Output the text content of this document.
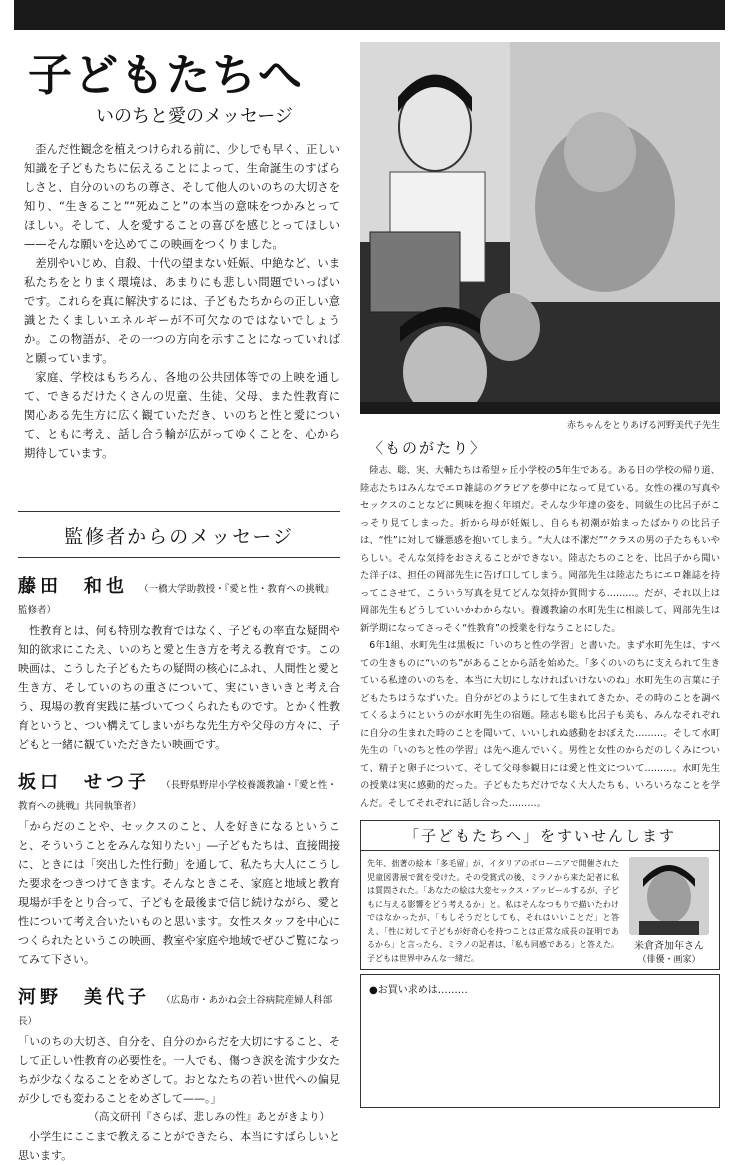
子どもたちへ
いのちと愛のメッセージ

歪んだ性観念を植えつけられる前に、少しでも早く、正しい知識を子どもたちに伝えることによって、生命誕生のすばらしさと、自分のいのちの尊さ、そして他人のいのちの大切さを知り、“生きること”“死ぬこと”の本当の意味をつかみとってほしい。そして、人を愛することの喜びを感じとってほしい——そんな願いを込めてこの映画をつくりました。

差別やいじめ、自殺、十代の望まない妊娠、中絶など、いま私たちをとりまく環境は、あまりにも悲しい問題でいっぱいです。これらを真に解決するには、子どもたちからの正しい意識とたくましいエネルギーが不可欠なのではないでしょうか。この物語が、その一つの方向を示すことになっていればと願っています。

家庭、学校はもちろん、各地の公共団体等での上映を通して、できるだけたくさんの児童、生徒、父母、また性教育に関心ある先生方に広く観ていただき、いのちと性と愛について、ともに考え、話し合う輪が広がってゆくことを、心から期待しています。

監修者からのメッセージ
藤田　和也 （一橋大学助教授・『愛と性・教育への挑戦』監修者）

性教育とは、何も特別な教育ではなく、子どもの率直な疑問や知的欲求にこたえ、いのちと愛と生き方を考える教育です。この映画は、こうした子どもたちの疑問の核心にふれ、人間性と愛と生き方、そしていのちの重さについて、実にいきいきと考え合う、現場の教育実践に基づいてつくられたものです。とかく性教育というと、つい構えてしまいがちな先生方や父母の方々に、子どもと一緒に観ていただきたい映画です。

坂口　せつ子 （長野県野岸小学校養護教諭・『愛と性・教育への挑戦』共同執筆者）

「からだのことや、セックスのこと、人を好きになるということ、そういうことをみんな知りたい」―子どもたちは、直接間接に、ときには「突出した性行動」を通して、私たち大人にこうした要求をつきつけてきます。そんなときこそ、家庭と地域と教育現場が手をとり合って、子どもを最後まで信じ続けながら、愛と性について考え合いたいものと思います。女性スタッフを中心につくられたというこの映画、教室や家庭や地域でぜひご覧になってみて下さい。

河野　美代子 （広島市・あかね会土谷病院産婦人科部長）

「いのちの大切さ、自分を、自分のからだを大切にすること、そして正しい性教育の必要性を。一人でも、傷つき涙を流す少女たちが少なくなることをめざして。おとなたちの若い世代への偏見が少しでも変わることをめざして——。」

（高文研刊『さらば、悲しみの性』あとがきより）

小学生にここまで教えることができたら、本当にすばらしいと思います。

赤ちゃんをとりあげる河野美代子先生
〈ものがたり〉

陸志、聡、実、大輔たちは希望ヶ丘小学校の5年生である。ある日の学校の帰り道、陸志たちはみんなでエロ雑誌のグラビアを夢中になって見ている。女性の裸の写真やセックスのことなどに興味を抱く年頃だ。そんな少年達の姿を、同級生の比呂子がこっそり見てしまった。折から母が妊娠し、自らも初潮が始まったばかりの比呂子は、“性”に対して嫌悪感を抱いてしまう。“大人は不潔だ”“クラスの男の子たちもいやらしい。そんな気持をおさえることができない。陸志たちのことを、比呂子から聞いた洋子は、担任の岡部先生に告げ口してしまう。岡部先生は陸志たちにエロ雑誌を持ってこさせて、こういう写真を見てどんな気持か質問する………。だが、それ以上は岡部先生もどうしていいかわからない。養護教諭の水町先生に相談して、岡部先生は新学期になってさっそく“性教育”の授業を行なうことにした。

6年1組、水町先生は黒板に「いのちと性の学習」と書いた。まず水町先生は、すべての生きものに“いのち”があることから話を始めた。「多くのいのちに支えられて生きている私達のいのちを、本当に大切にしなければいけないのね」水町先生の言葉に子どもたちはうなずいた。自分がどのようにして生まれてきたか、その時のことを調べてくるようにというのが水町先生の宿題。陸志も聡も比呂子も美も、みんなそれぞれに自分の生まれた時のことを聞いて、いいしれぬ感動をおぼえた………。そして水町先生の「いのちと性の学習」は先へ進んでいく。男性と女性のからだのしくみについて、精子と卵子について、そして父母参観日には愛と性文について………。水町先生の授業は実に感動的だった。子どもたちだけでなく大人たちも、いろいろなことを学んだ。そしてそれぞれに話し合った………。

「子どもたちへ」をすいせんします
先年、拙著の絵本「多毛留」が、イタリアのボローニアで開催された児童図書展で賞を受けた。その受賞式の後、ミラノから来た記者に私は質問された。「あなたの絵は大変セックス・アッピールするが、子どもに与える影響をどう考えるか」と。私はそんなつもりで描いたわけではなかったが、「もしそうだとしても、それはいいことだ」と答え、「性に対して子どもが好奇心を持つことは正常な成長の証明であるから」と言ったら、ミラノの記者は、「私も同感である」と答えた。子どもは世界中みんな一緒だ。
米倉斉加年さん
（俳優・画家）
●お買い求めは………
